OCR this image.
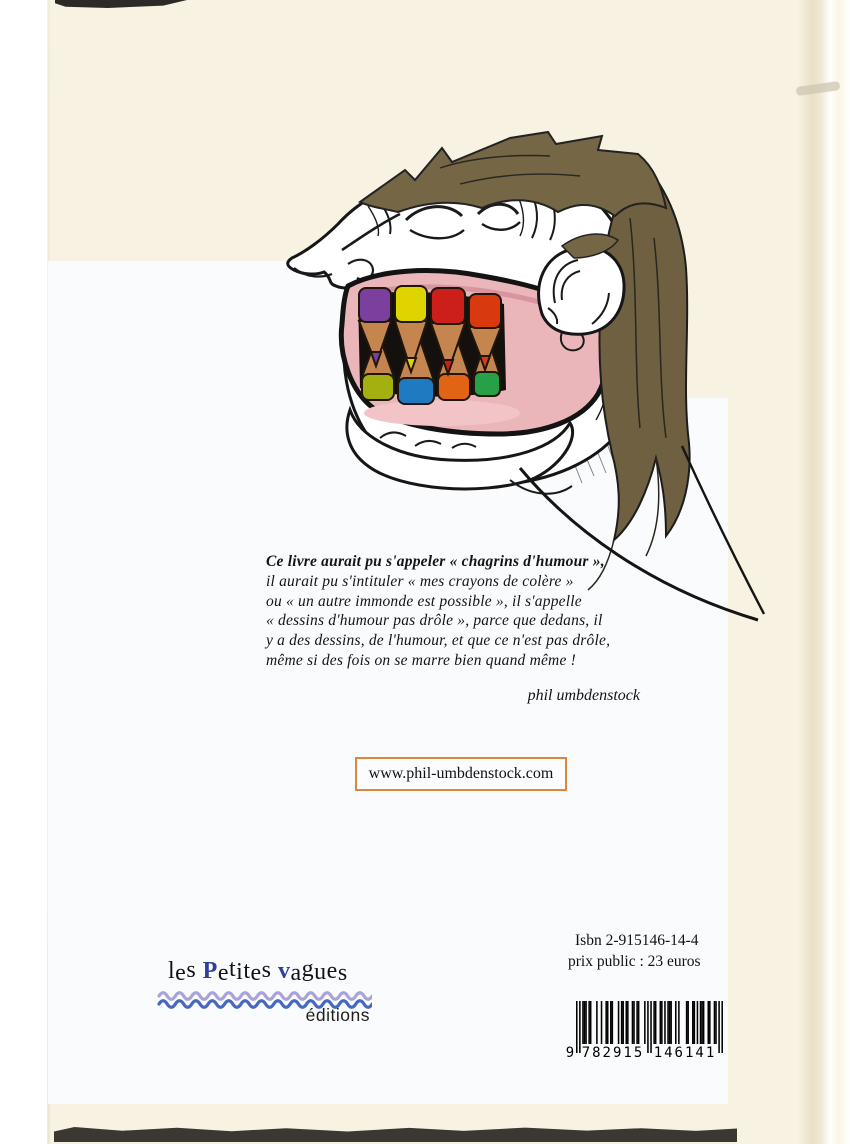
Ce livre aurait pu s'appeler « chagrins d'humour »,
il aurait pu s'intituler « mes crayons de colère »
ou « un autre immonde est possible », il s'appelle
« dessins d'humour pas drôle », parce que dedans, il
y a des dessins, de l'humour, et que ce n'est pas drôle,
même si des fois on se marre bien quand même !
phil umbdenstock
www.phil-umbdenstock.com
Isbn 2-915146-14-4
prix public : 23 euros
9 782915 146141
les Petites vagues
éditions
